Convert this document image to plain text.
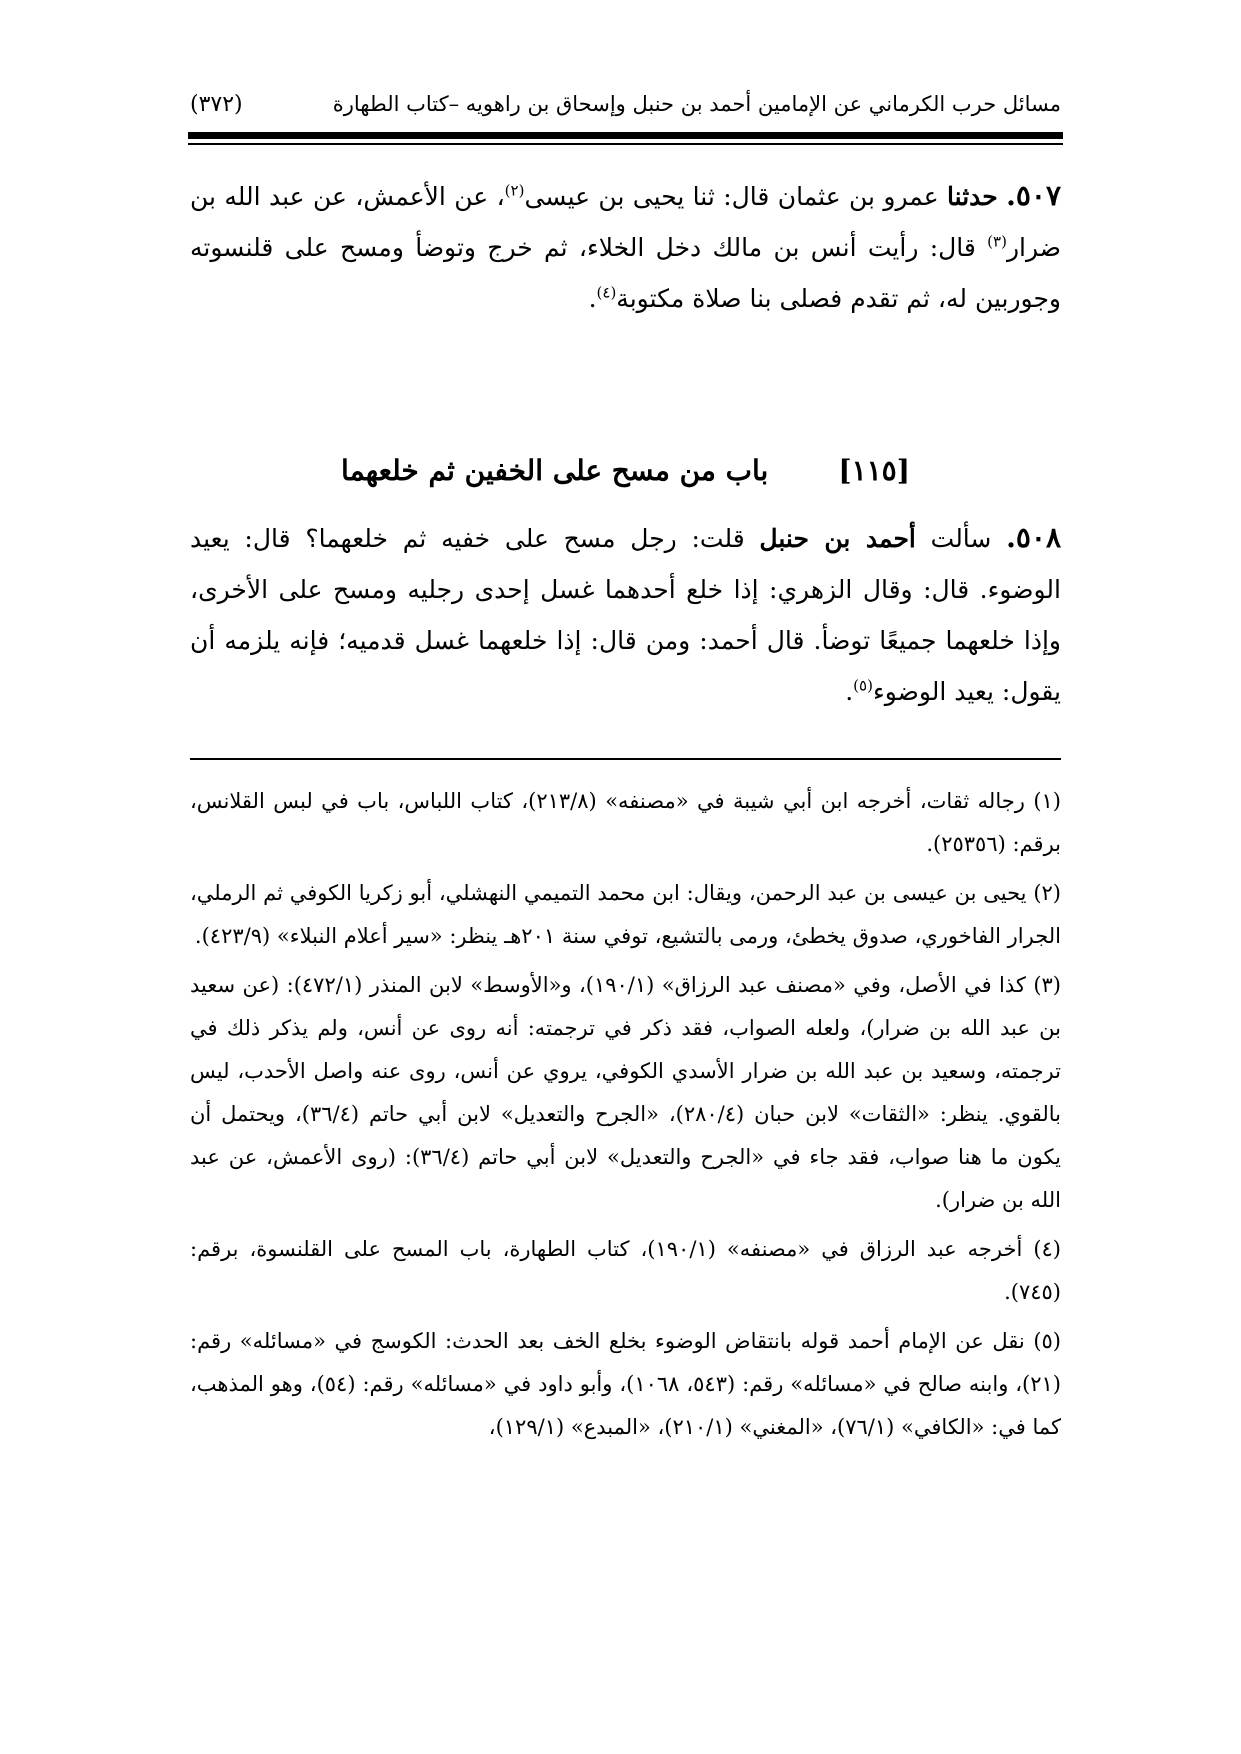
مسائل حرب الكرماني عن الإمامين أحمد بن حنبل وإسحاق بن راهويه –كتاب الطهارة
(٣٧٢)
٥٠٧. حدثنا عمرو بن عثمان قال: ثنا يحيى بن عيسى$^{(٢)}$، عن الأعمش، عن عبد الله بن ضرار$^{(٣)}$ قال: رأيت أنس بن مالك دخل الخلاء، ثم خرج وتوضأ ومسح على قلنسوته وجوربين له، ثم تقدم فصلى بنا صلاة مكتوبة$^{(٤)}$.
[١١٥]
باب من مسح على الخفين ثم خلعهما
٥٠٨. سألت أحمد بن حنبل قلت: رجل مسح على خفيه ثم خلعهما؟ قال: يعيد الوضوء. قال: وقال الزهري: إذا خلع أحدهما غسل إحدى رجليه ومسح على الأخرى، وإذا خلعهما جميعًا توضأ. قال أحمد: ومن قال: إذا خلعهما غسل قدميه؛ فإنه يلزمه أن يقول: يعيد الوضوء$^{(٥)}$.
(١) رجاله ثقات، أخرجه ابن أبي شيبة في «مصنفه» (٢١٣/٨)، كتاب اللباس، باب في لبس القلانس، برقم: (٢٥٣٥٦).
(٢) يحيى بن عيسى بن عبد الرحمن، ويقال: ابن محمد التميمي النهشلي، أبو زكريا الكوفي ثم الرملي، الجرار الفاخوري، صدوق يخطئ، ورمى بالتشيع، توفي سنة ٢٠١هـ ينظر: «سير أعلام النبلاء» (٤٢٣/٩).
(٣) كذا في الأصل، وفي «مصنف عبد الرزاق» (١٩٠/١)، و«الأوسط» لابن المنذر (٤٧٢/١): (عن سعيد بن عبد الله بن ضرار)، ولعله الصواب، فقد ذكر في ترجمته: أنه روى عن أنس، ولم يذكر ذلك في ترجمته، وسعيد بن عبد الله بن ضرار الأسدي الكوفي، يروي عن أنس، روى عنه واصل الأحدب، ليس بالقوي. ينظر: «الثقات» لابن حبان (٢٨٠/٤)، «الجرح والتعديل» لابن أبي حاتم (٣٦/٤)، ويحتمل أن يكون ما هنا صواب، فقد جاء في «الجرح والتعديل» لابن أبي حاتم (٣٦/٤): (روى الأعمش، عن عبد الله بن ضرار).
(٤) أخرجه عبد الرزاق في «مصنفه» (١٩٠/١)، كتاب الطهارة، باب المسح على القلنسوة، برقم: (٧٤٥).
(٥) نقل عن الإمام أحمد قوله بانتقاض الوضوء بخلع الخف بعد الحدث: الكوسج في «مسائله» رقم: (٢١)، وابنه صالح في «مسائله» رقم: (٥٤٣، ١٠٦٨)، وأبو داود في «مسائله» رقم: (٥٤)، وهو المذهب، كما في: «الكافي» (٧٦/١)، «المغني» (٢١٠/١)، «المبدع» (١٢٩/١)،
